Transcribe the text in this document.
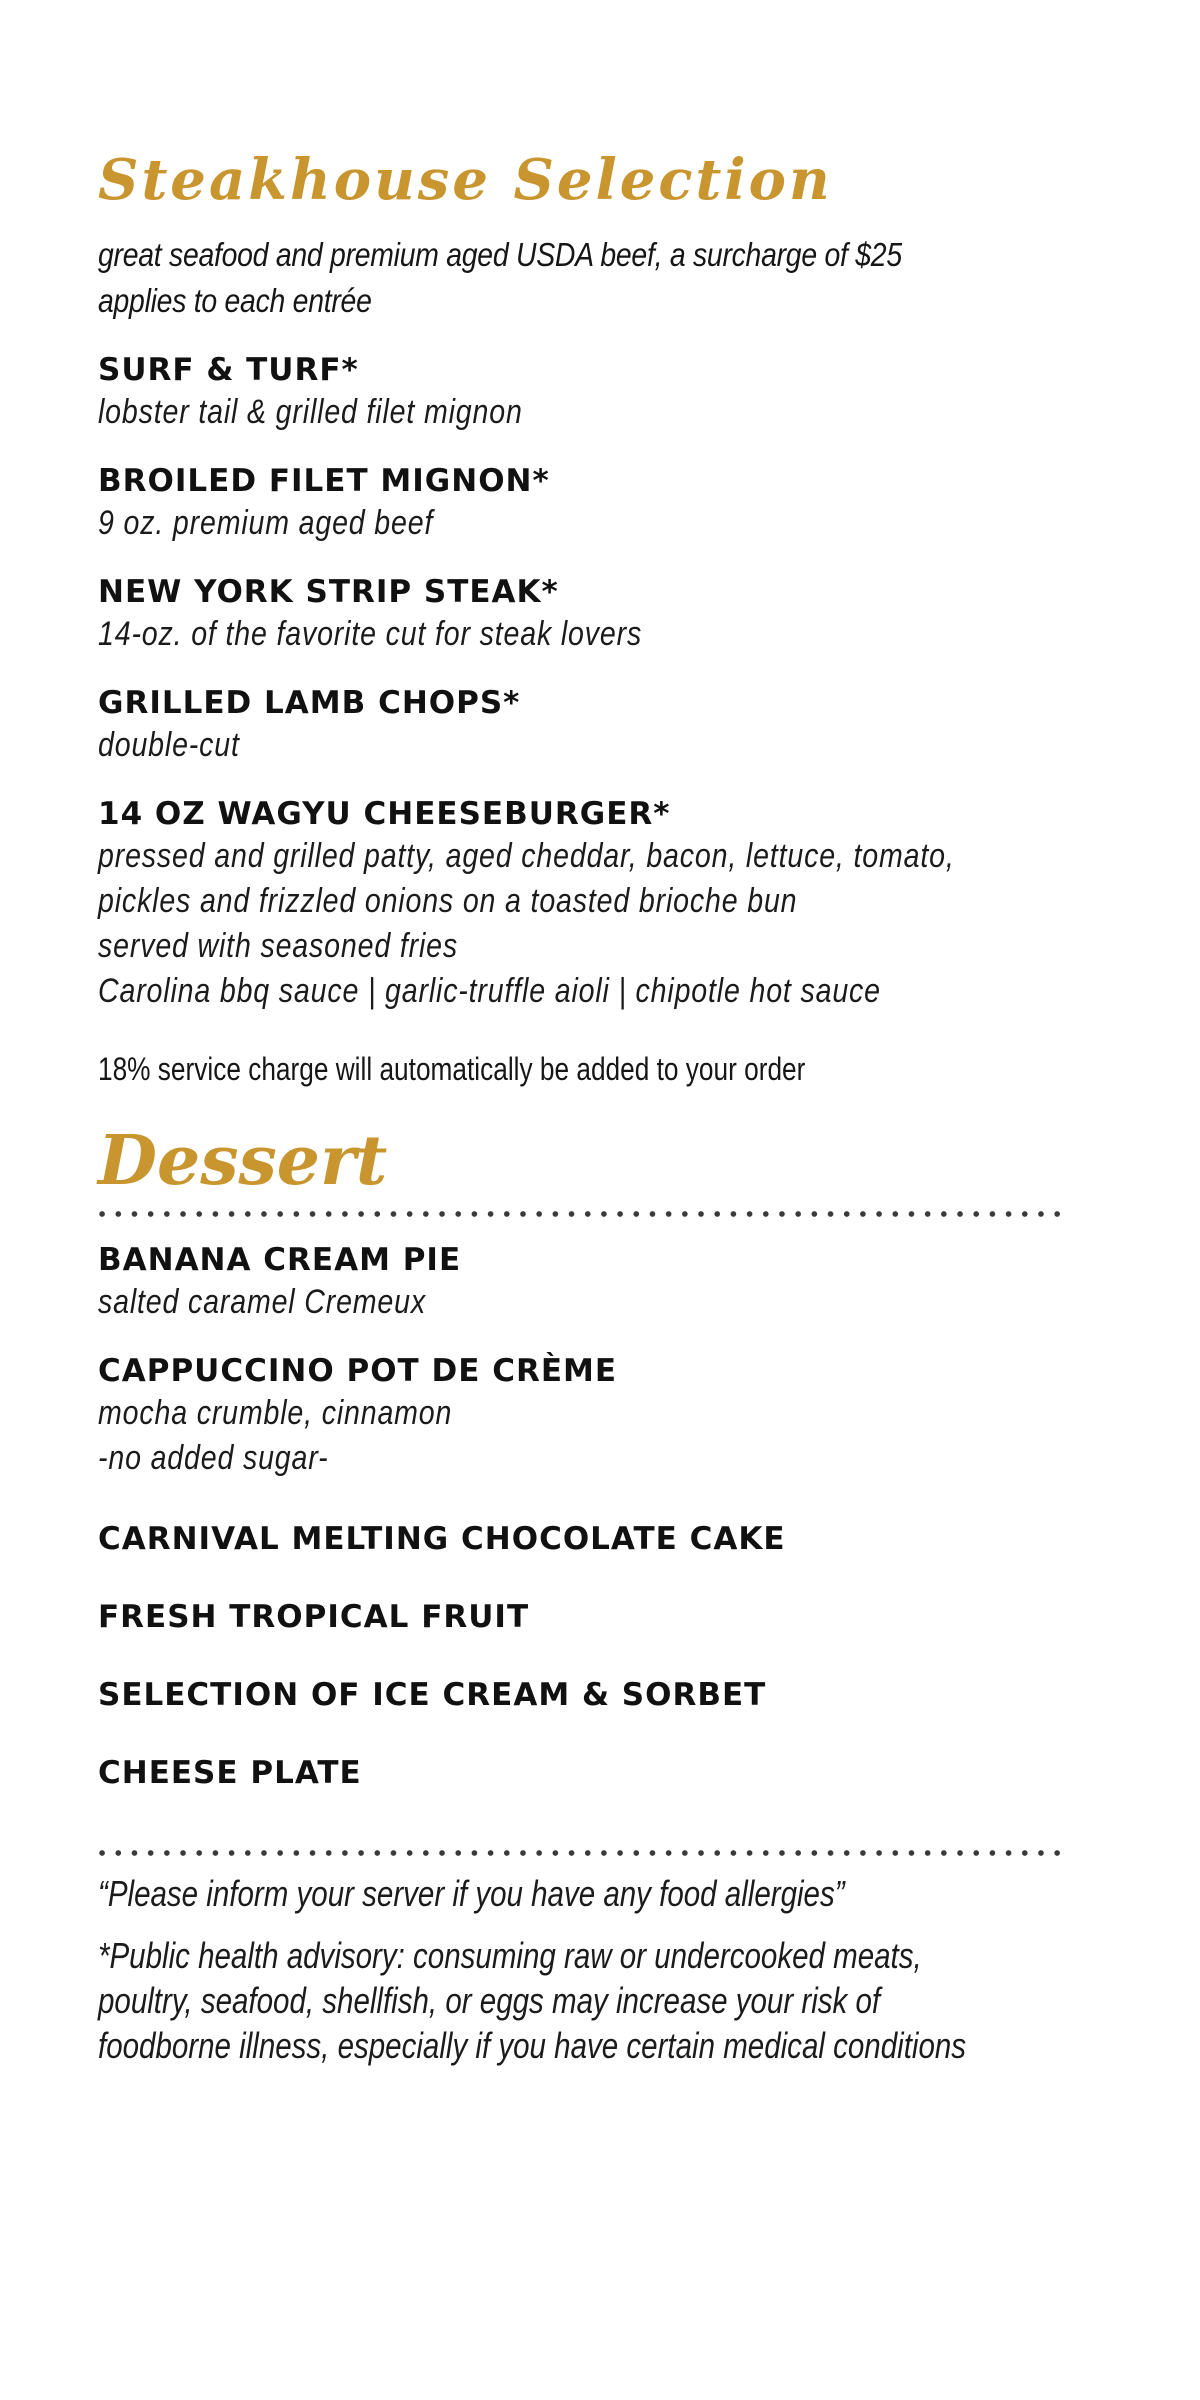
Steakhouse Selection
great seafood and premium aged USDA beef, a surcharge of $25
applies to each entrée
SURF & TURF*
lobster tail & grilled filet mignon
BROILED FILET MIGNON*
9 oz. premium aged beef
NEW YORK STRIP STEAK*
14-oz. of the favorite cut for steak lovers
GRILLED LAMB CHOPS*
double-cut
14 OZ WAGYU CHEESEBURGER*
pressed and grilled patty, aged cheddar, bacon, lettuce, tomato,
pickles and frizzled onions on a toasted brioche bun
served with seasoned fries
Carolina bbq sauce | garlic-truffle aioli | chipotle hot sauce
18% service charge will automatically be added to your order
Dessert
BANANA CREAM PIE
salted caramel Cremeux
CAPPUCCINO POT DE CRÈME
mocha crumble, cinnamon
-no added sugar-
CARNIVAL MELTING CHOCOLATE CAKE
FRESH TROPICAL FRUIT
SELECTION OF ICE CREAM & SORBET
CHEESE PLATE
“Please inform your server if you have any food allergies”
*Public health advisory: consuming raw or undercooked meats,
poultry, seafood, shellfish, or eggs may increase your risk of
foodborne illness, especially if you have certain medical conditions
